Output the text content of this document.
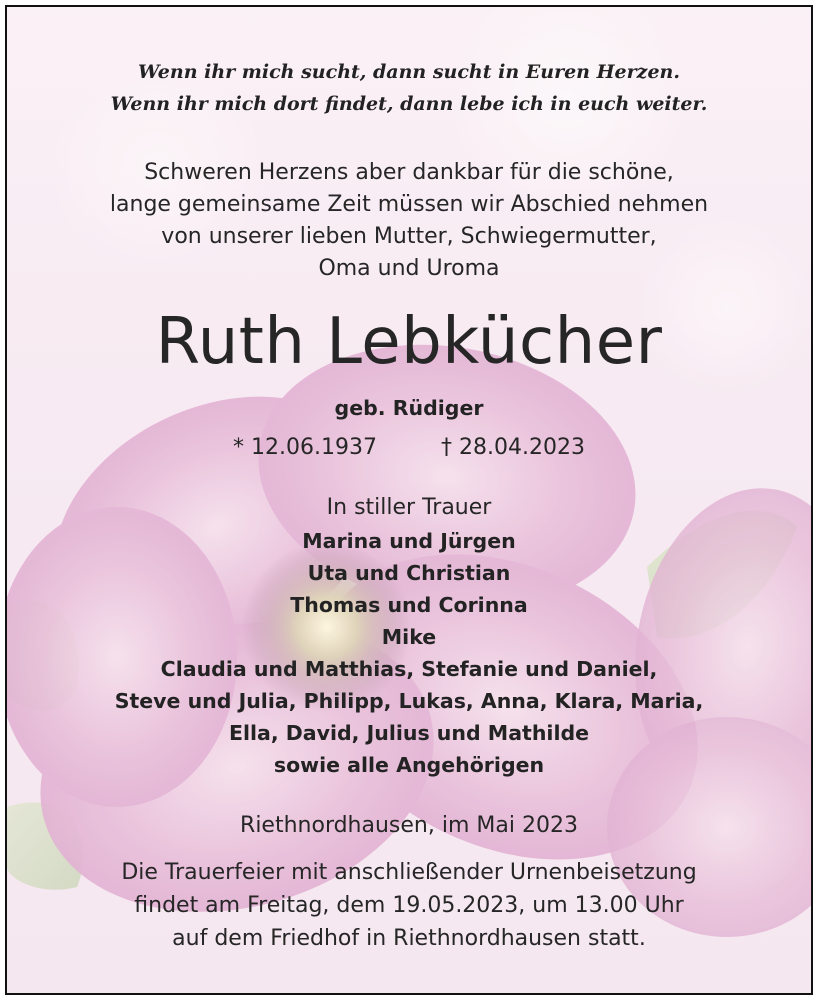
Wenn ihr mich sucht, dann sucht in Euren Herzen.
Wenn ihr mich dort findet, dann lebe ich in euch weiter.
Schweren Herzens aber dankbar für die schöne,
lange gemeinsame Zeit müssen wir Abschied nehmen
von unserer lieben Mutter, Schwiegermutter,
Oma und Uroma
Ruth Lebkücher
geb. Rüdiger
* 12.06.1937	† 28.04.2023
In stiller Trauer
Marina und Jürgen
Uta und Christian
Thomas und Corinna
Mike
Claudia und Matthias, Stefanie und Daniel,
Steve und Julia, Philipp, Lukas, Anna, Klara, Maria,
Ella, David, Julius und Mathilde
sowie alle Angehörigen
Riethnordhausen, im Mai 2023
Die Trauerfeier mit anschließender Urnenbeisetzung
findet am Freitag, dem 19.05.2023, um 13.00 Uhr
auf dem Friedhof in Riethnordhausen statt.
